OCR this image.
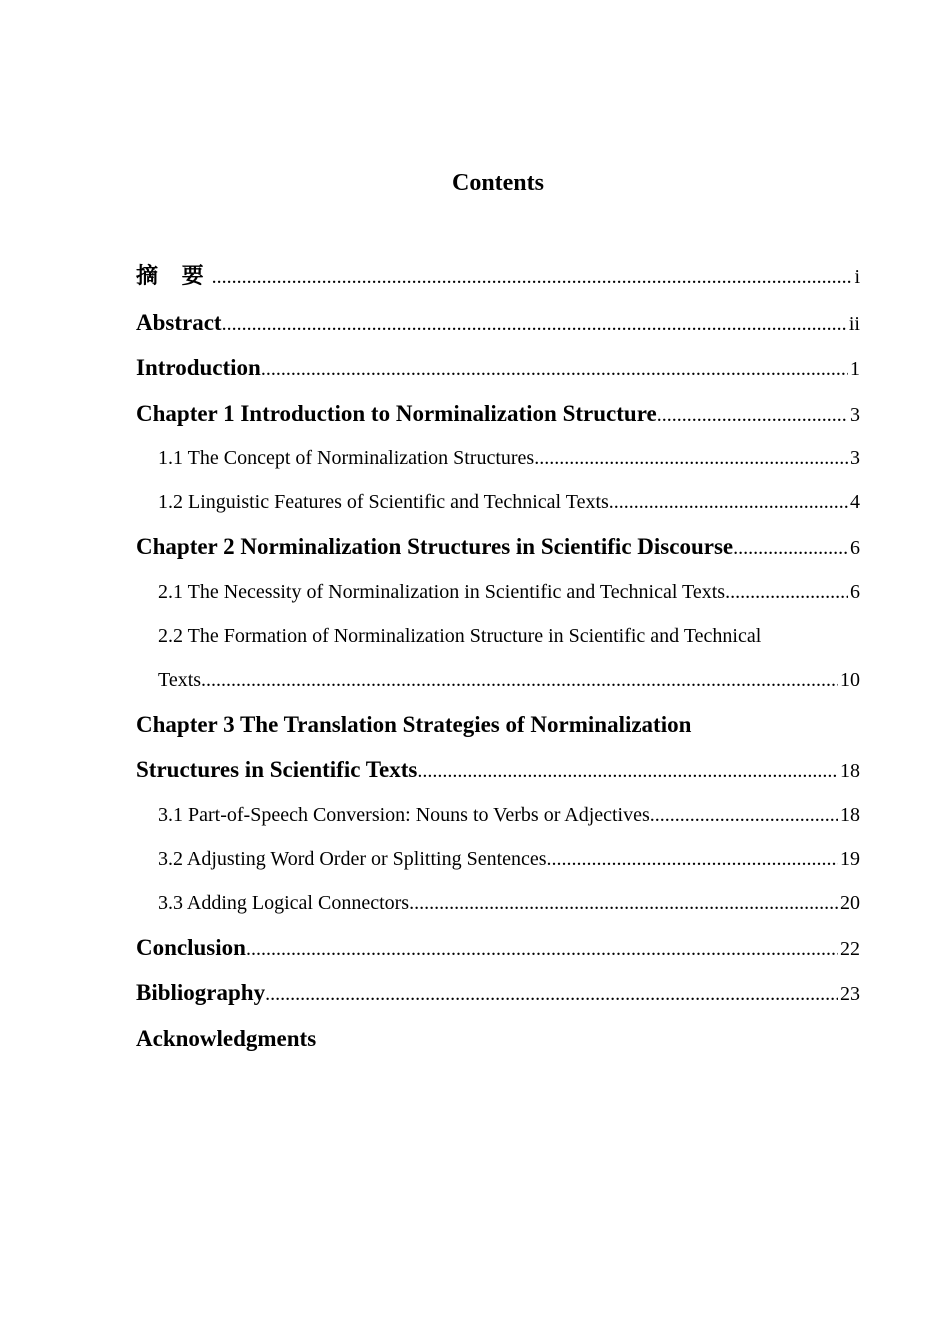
Contents
摘 要 .....	i
Abstract .....	ii
Introduction .....	1
Chapter 1 Introduction to Norminalization Structure .....	3
1.1 The Concept of Norminalization Structures .....	3
1.2 Linguistic Features of Scientific and Technical Texts .....	4
Chapter 2 Norminalization Structures in Scientific Discourse .....	6
2.1 The Necessity of Norminalization in Scientific and Technical Texts .....	6
2.2 The Formation of Norminalization Structure in Scientific and Technical
Texts .....	10
Chapter 3 The Translation Strategies of Norminalization
Structures in Scientific Texts .....	18
3.1 Part-of-Speech Conversion: Nouns to Verbs or Adjectives .....	18
3.2 Adjusting Word Order or Splitting Sentences .....	19
3.3 Adding Logical Connectors .....	20
Conclusion .....	22
Bibliography .....	23
Acknowledgments
